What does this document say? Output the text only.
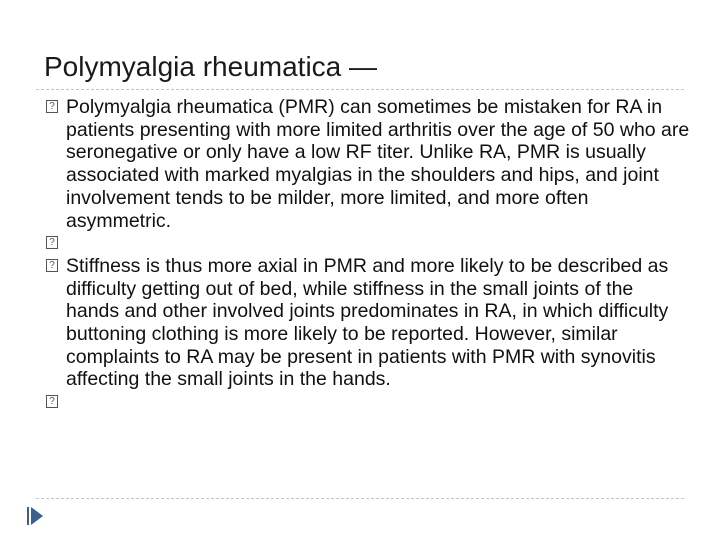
Polymyalgia rheumatica —
? Polymyalgia rheumatica (PMR) can sometimes be mistaken for RA in patients presenting with more limited arthritis over the age of 50 who are seronegative or only have a low RF titer. Unlike RA, PMR is usually associated with marked myalgias in the shoulders and hips, and joint involvement tends to be milder, more limited, and more often asymmetric.
?
? Stiffness is thus more axial in PMR and more likely to be described as difficulty getting out of bed, while stiffness in the small joints of the hands and other involved joints predominates in RA, in which difficulty buttoning clothing is more likely to be reported. However, similar complaints to RA may be present in patients with PMR with synovitis affecting the small joints in the hands.
?
